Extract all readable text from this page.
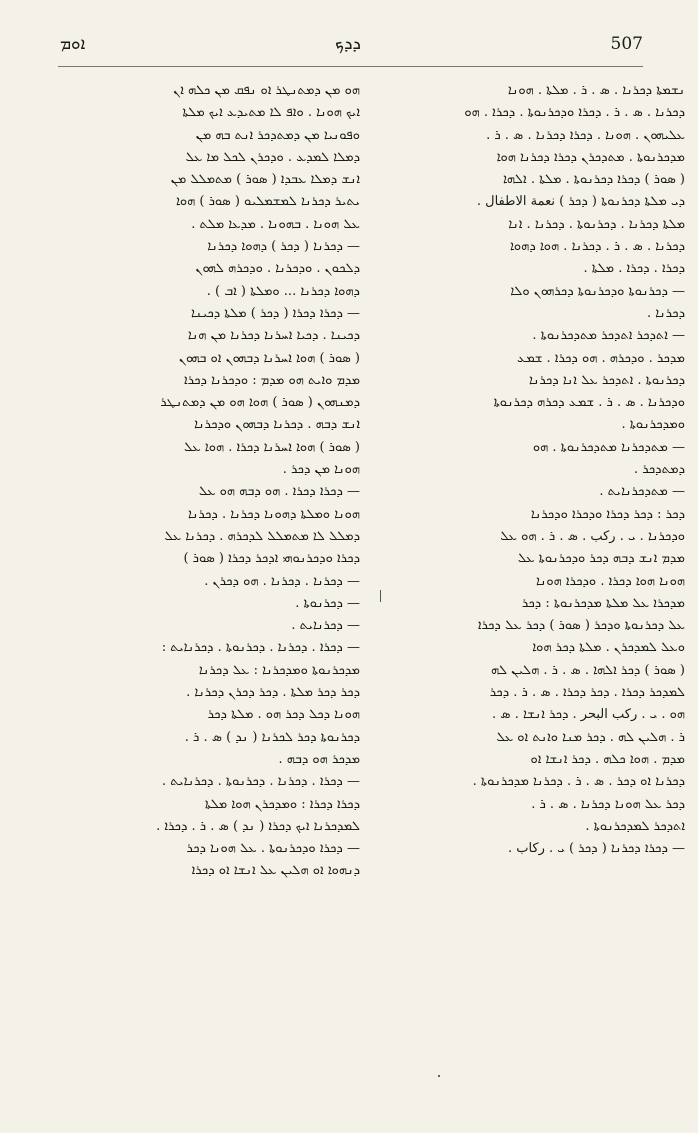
ܐܘܡ	ܕܕܟ	507
ܗܘ ܡܢ ܕܡܬܢܛܪ ܐܘ ܢܦܩ ܡܢ ܟܠܗ ܐܢ
ܐܝܟ ܗܘܢܐ . ܘܐܦ ܠܐ ܡܬܝܕܥ ܐܝܟ ܡܠܬܐ
ܘܦܘܢܝܐ ܡܢ ܕܡܬܕܟܪ ܐܢܬ ܒܗ ܡܢ
ܕܡܠܐ ܠܡܕܥ . ܘܕܟܪܢ ܠܟܠ ܡܐ ܥܠ
ܐܢܫ ܕܡܠܐ ܥܒܕܐ ( ܣܘܪ ) ܡܬܡܠܠ ܡܢ
ܝܬܝܪ ܕܟܪܢܐ ܠܡܫܡܠܝܘ ( ܣܘܪ ) ܗܘܐ
ܥܠ ܗܘܢܐ . ܒܗܘܢܐ . ܡܕܥܐ ܡܠܬ .
— ܕܟܪܢܐ ( ܕܟܪ ) ܕܗܘܐ ܕܟܪܢܐ
ܕܠܟܘܢ . ܘܕܟܪܢܐ . ܘܕܟܪܗ ܠܗܘܢ
ܕܗܘܐ ܕܟܪܢܐ ... ܘܡܠܬܐ ( ܐܒ ) .
— ܕܟܪܐ ܕܟܪܐ ( ܕܟܪ ) ܡܠܬܐ ܕܟܝܢܐ
ܕܟܝܢܐ . ܕܟܝܐ ܐܚܪܢܐ ܕܟܪܢܐ ܡܢ ܗܢܐ
( ܣܘܪ ) ܗܘܐ ܐܚܪܢܐ ܕܒܗܘܢ ܐܘ ܒܗܘܢ
ܡܕܡ ܘܐܝܬ ܗܘ ܡܕܡ : ܘܕܟܪܢܐ ܕܟܪܐ
ܕܡܢܗܘܢ ( ܣܘܪ ) ܗܘܐ ܗܘ ܡܢ ܕܡܬܢܛܪ
ܐܢܫ ܕܒܗ . ܕܟܪܢܐ ܕܒܗܘܢ ܘܕܟܪܢܐ
( ܣܘܪ ) ܗܘܐ ܐܚܪܢܐ ܕܟܪܐ . ܗܘܐ ܥܠ
ܗܘܢܐ ܡܢ ܕܟܪ .
— ܕܟܪܐ ܕܟܪܐ . ܗܘ ܕܒܗ ܗܘ ܥܠ
ܗܘܢܐ ܘܡܠܬܐ ܕܗܘܢܐ ܕܟܪܢܐ . ܕܟܪܢܐ
ܕܡܠܠ ܠܐ ܡܬܡܠܠ ܠܕܟܪܗ . ܕܟܪܢܐ ܥܠ
ܕܟܪܐ ܘܕܟܪܢܘܗܝ ܐܕܟܪ ܕܟܪܐ ( ܣܘܪ )
— ܕܟܪܢܐ . ܕܟܪܢܐ . ܗܘ ܕܟܪܢ .
— ܕܟܪܢܘܬܐ .
— ܕܟܪܢܐܝܬ .
— ܕܟܪܐ . ܕܟܪܢܐ . ܕܟܪܢܘܬܐ . ܕܟܪܢܐܝܬ :
ܡܕܟܪܢܘܬܐ ܘܡܕܟܪܢܐ : ܥܠ ܕܟܪܢܐ
ܕܟܪ ܕܟܪ ܡܠܬܐ . ܕܟܪ ܕܟܪܢ ܕܟܪܢܐ .
ܗܘܢܐ ܕܟܠ ܕܟܪ ܗܘ . ܡܠܬܐ ܕܟܪ
ܕܟܪܢܘܬܐ ܕܟܪ ܠܟܪܢܐ ( ܢܕ ) ܣ . ܪ .
ܡܕܟܪ ܗܘ ܕܒܗ .
— ܕܟܪܐ . ܕܟܪܢܐ . ܕܟܪܢܘܬܐ . ܕܟܪܢܐܝܬ .
ܕܟܪܐ ܕܟܪܐ : ܘܡܕܟܪܢ ܗܘܐ ܡܠܬܐ
ܠܡܕܟܪܢܐ ܐܝܟ ܕܟܪܐ ( ܢܕ ) ܣ . ܪ . ܕܟܪܐ .
— ܕܟܪܐ ܘܕܟܪܢܘܬܐ . ܥܠ ܗܘܢܐ ܕܟܪ
ܕܢܗܘܐ ܐܘ ܗܠܝܢ ܥܠ ܐܢܫܐ ܐܘ ܕܟܪܐ
ܢܫܡܬܐ ܕܟܪܢܐ . ܣ . ܪ . ܡܠܬܐ . ܗܘܢܐ
ܕܟܪܢܐ . ܣ . ܪ . ܕܟܪܐ ܘܕܟܪܢܘܬܐ . ܕܟܪܐ . ܗܘ
ܥܠܝܗܘܢ . ܗܘܢܐ . ܕܟܪܐ ܕܟܪܢܐ . ܣ . ܪ .
ܡܕܟܪܢܘܬܐ . ܡܬܕܟܪܢ ܕܟܪܐ ܕܟܪܢܐ ܗܘܐ
( ܣܘܪ ) ܕܟܪܐ ܕܟܪܢܘܬܐ . ܡܠܬܐ . ܐܠܗܐ
ܕܝ ܡܠܬܐ ܕܟܪܢܘܬܐ ( ܕܟܪ ) نعمة الاطفال .
ܡܠܬܐ ܕܟܪܢܐ . ܕܟܪܢܘܬܐ . ܕܟܪܢܐ . ܐܢܐ
ܕܟܪܢܐ . ܣ . ܪ . ܕܟܪܢܐ . ܗܘܐ ܕܗܘܐ
ܕܟܪܐ . ܕܟܪܐ . ܡܠܬܐ .
— ܕܟܪܢܘܬܐ ܘܕܟܪܢܘܬܐ ܕܟܪܗܘܢ ܘܠܐ
ܕܟܪܢܐ .
— ܐܬܕܟܪ ܐܬܕܟܪ ܡܬܕܟܪܢܘܬܐ .
ܡܕܟܪ . ܘܕܟܪܗ . ܗܘ ܕܟܪܐ . ܫܡܥ
ܕܟܪܢܘܬܐ . ܐܬܕܟܪ ܥܠ ܐܢܐ ܕܟܪܢܐ
ܘܕܟܪܢܐ . ܣ . ܪ . ܫܡܥ ܕܟܪܗ ܕܟܪܢܘܬܐ
ܘܡܕܟܪܢܘܬܐ .
— ܡܬܕܟܪܢܐ ܡܬܕܟܪܢܘܬܐ . ܗܘ
ܕܡܬܕܟܪ .
— ܡܬܕܟܪܢܐܝܬ .
ܕܟܪ : ܕܟܪ ܕܟܪܐ ܘܕܟܪܐ ܘܕܟܪܢܐ
ܘܕܟܪܢܐ . ܝ . ركب . ܣ . ܪ . ܗܘ ܥܠ
ܡܕܡ ܐܢܫ ܕܒܗ ܕܟܪ ܘܕܟܪܢܘܬܐ ܥܠ
ܗܘܢܐ ܗܘܐ ܕܟܪܐ . ܘܕܟܪܐ ܗܘܢܐ
ܡܕܟܪܐ ܥܠ ܡܠܬܐ ܡܕܟܪܢܘܬܐ : ܕܟܪ
ܥܠ ܕܟܪܢܘܬܐ ܘܕܟܪ ( ܣܘܪ ) ܕܟܪ ܥܠ ܕܟܪܐ
ܘܥܠ ܠܡܕܟܪܢ . ܡܠܬܐ ܕܟܪ ܗܘܐ
( ܣܘܪ ) ܕܟܪ ܐܠܗܐ . ܣ . ܪ . ܗܠܝܢ ܠܗ
ܠܡܕܟܪ ܕܟܪܐ . ܕܟܪ ܕܟܪܐ . ܣ . ܪ . ܕܟܪ
ܗܘ . ܝ . ركب البحر . ܕܟܪ ܐܢܫܐ . ܣ .
ܪ . ܗܠܝܢ ܠܗ . ܕܟܪ ܡܢܐ ܘܐܢܬ ܐܘ ܥܠ
ܡܕܡ . ܗܘܐ ܟܠܗ . ܕܟܪ ܐܢܫܐ ܐܘ
ܕܟܪܢܐ ܐܘ ܕܟܪ . ܣ . ܪ . ܕܟܪܢܐ ܡܕܟܪܢܘܬܐ .
ܕܟܪ ܥܠ ܗܘܢܐ ܕܟܪܢܐ . ܣ . ܪ .
ܐܬܕܟܪ ܠܡܕܟܪܢܘܬܐ .
— ܕܟܪܐ ܕܟܪܢܐ ( ܕܟܪ ) ܝ . ركاب .
